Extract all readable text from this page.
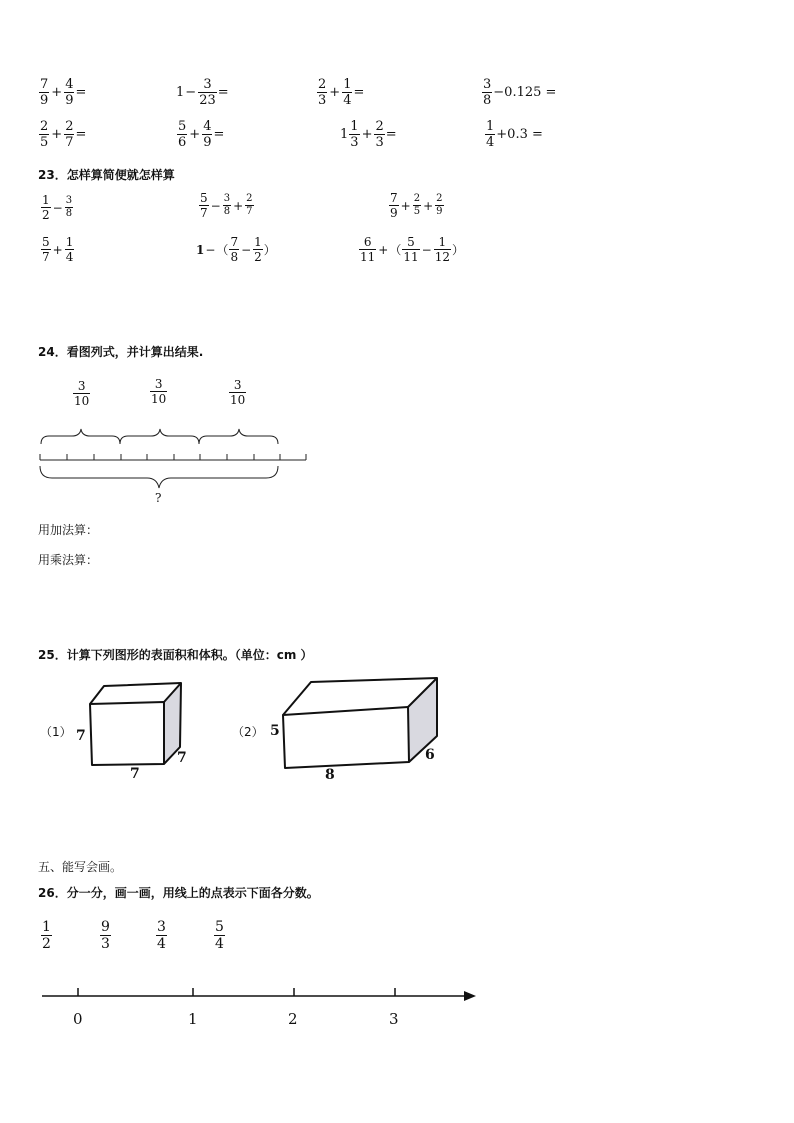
$\frac{7}{9} + \frac{4}{9}$ =	$1 - \frac{3}{23}$ =	$\frac{2}{3} + \frac{1}{4}$ =	$\frac{3}{8} -0.125$ =
$\frac{2}{5} + \frac{2}{7}$ =	$\frac{5}{6} + \frac{4}{9}$ =	$1 \frac{1}{3} + \frac{2}{3}$ =	$\frac{1}{4} +0.3$ =
23．怎样算简便就怎样算
$\frac{1}{2} - \frac{3}{8}$	$\frac{5}{7} - \frac{3}{8} + \frac{2}{7}$	$\frac{7}{9} + \frac{2}{5} + \frac{2}{9}$
$\frac{5}{7} + \frac{1}{4}$	1 − （ $\frac{7}{8} - \frac{1}{2}$ ）	$\frac{6}{11}$ + （ $\frac{5}{11} - \frac{1}{12}$ ）
24．看图列式，并计算出结果.
$\frac{3}{10}$	$\frac{3}{10}$	$\frac{3}{10}$
?
用加法算：
用乘法算：
25．计算下列图形的表面积和体积。（单位：cm ）
（1） 7
7
7
（2） 5
8
6
五、能写会画。
26．分一分，画一画，用线上的点表示下面各分数。
$\frac{1}{2}$	$\frac{9}{3}$	$\frac{3}{4}$	$\frac{5}{4}$
0	1	2	3
